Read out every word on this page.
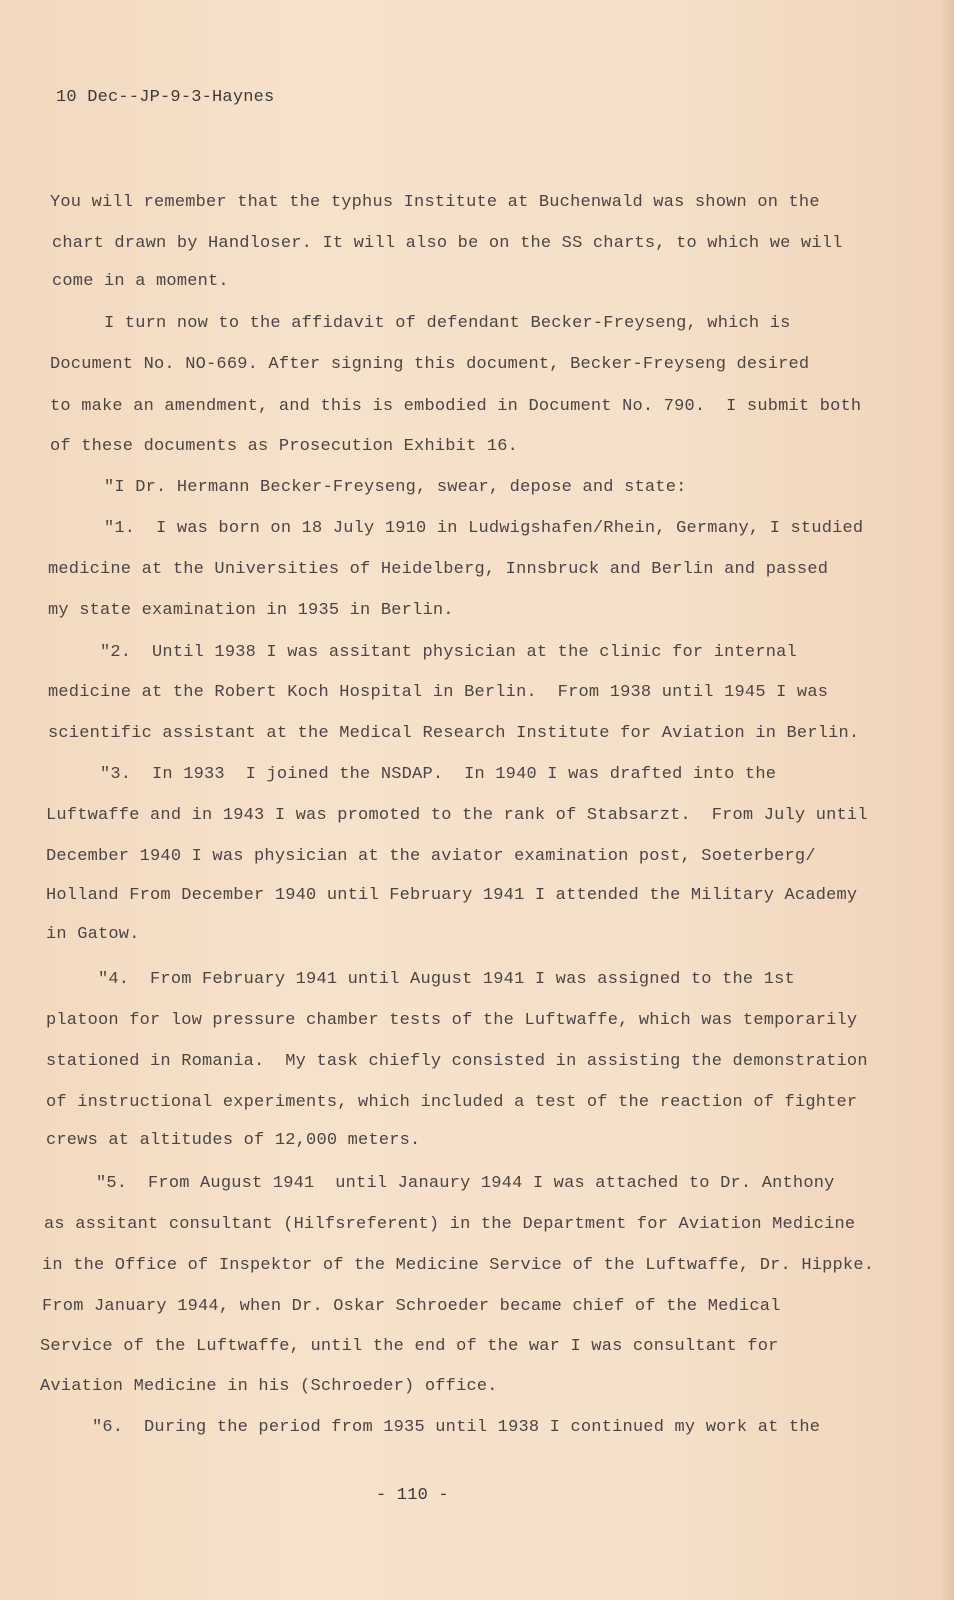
10 Dec-‑JP-9-3-Haynes
You will remember that the typhus Institute at Buchenwald was shown on the
chart drawn by Handloser. It will also be on the SS charts, to which we will
come in a moment.
I turn now to the affidavit of defendant Becker-Freyseng, which is
Document No. NO-669. After signing this document, Becker-Freyseng desired
to make an amendment, and this is embodied in Document No. 790.  I submit both
of these documents as Prosecution Exhibit 16.
"I Dr. Hermann Becker-Freyseng, swear, depose and state:
"1.  I was born on 18 July 1910 in Ludwigshafen/Rhein, Germany, I studied
medicine at the Universities of Heidelberg, Innsbruck and Berlin and passed
my state examination in 1935 in Berlin.
"2.  Until 1938 I was assitant physician at the clinic for internal
medicine at the Robert Koch Hospital in Berlin.  From 1938 until 1945 I was
scientific assistant at the Medical Research Institute for Aviation in Berlin.
"3.  In 1933  I joined the NSDAP.  In 1940 I was drafted into the
Luftwaffe and in 1943 I was promoted to the rank of Stabsarzt.  From July until
December 1940 I was physician at the aviator examination post, Soeterberg/
Holland From December 1940 until February 1941 I attended the Military Academy
in Gatow.
"4.  From February 1941 until August 1941 I was assigned to the 1st
platoon for low pressure chamber tests of the Luftwaffe, which was temporarily
stationed in Romania.  My task chiefly consisted in assisting the demonstration
of instructional experiments, which included a test of the reaction of fighter
crews at altitudes of 12,000 meters.
"5.  From August 1941  until Janaury 1944 I was attached to Dr. Anthony
as assitant consultant (Hilfsreferent) in the Department for Aviation Medicine
in the Office of Inspektor of the Medicine Service of the Luftwaffe, Dr. Hippke.
From January 1944, when Dr. Oskar Schroeder became chief of the Medical
Service of the Luftwaffe, until the end of the war I was consultant for
Aviation Medicine in his (Schroeder) office.
"6.  During the period from 1935 until 1938 I continued my work at the
- 110 -
